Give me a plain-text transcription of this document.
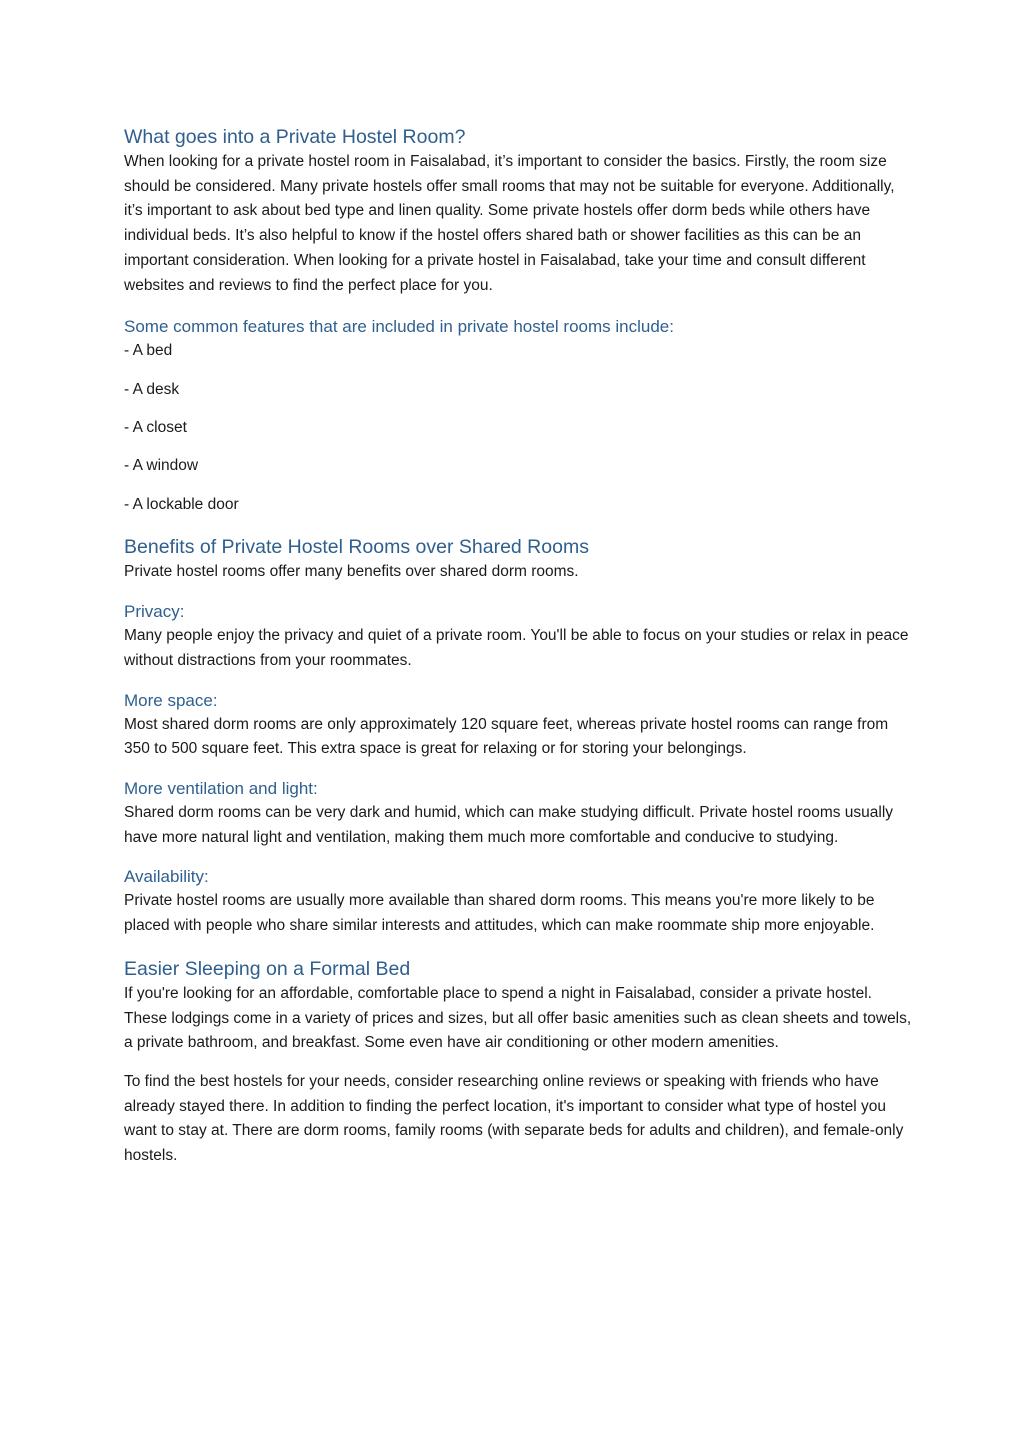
What goes into a Private Hostel Room?

When looking for a private hostel room in Faisalabad, it’s important to consider the basics. Firstly, the room size should be considered. Many private hostels offer small rooms that may not be suitable for everyone. Additionally, it’s important to ask about bed type and linen quality. Some private hostels offer dorm beds while others have individual beds. It’s also helpful to know if the hostel offers shared bath or shower facilities as this can be an important consideration. When looking for a private hostel in Faisalabad, take your time and consult different websites and reviews to find the perfect place for you.

Some common features that are included in private hostel rooms include:
- A bed
- A desk
- A closet
- A window
- A lockable door
Benefits of Private Hostel Rooms over Shared Rooms

Private hostel rooms offer many benefits over shared dorm rooms.

Privacy:

Many people enjoy the privacy and quiet of a private room. You'll be able to focus on your studies or relax in peace without distractions from your roommates.

More space:

Most shared dorm rooms are only approximately 120 square feet, whereas private hostel rooms can range from 350 to 500 square feet. This extra space is great for relaxing or for storing your belongings.

More ventilation and light:

Shared dorm rooms can be very dark and humid, which can make studying difficult. Private hostel rooms usually have more natural light and ventilation, making them much more comfortable and conducive to studying.

Availability:

Private hostel rooms are usually more available than shared dorm rooms. This means you're more likely to be placed with people who share similar interests and attitudes, which can make roommate ship more enjoyable.

Easier Sleeping on a Formal Bed

If you're looking for an affordable, comfortable place to spend a night in Faisalabad, consider a private hostel. These lodgings come in a variety of prices and sizes, but all offer basic amenities such as clean sheets and towels, a private bathroom, and breakfast. Some even have air conditioning or other modern amenities.

To find the best hostels for your needs, consider researching online reviews or speaking with friends who have already stayed there. In addition to finding the perfect location, it's important to consider what type of hostel you want to stay at. There are dorm rooms, family rooms (with separate beds for adults and children), and female-only hostels.
